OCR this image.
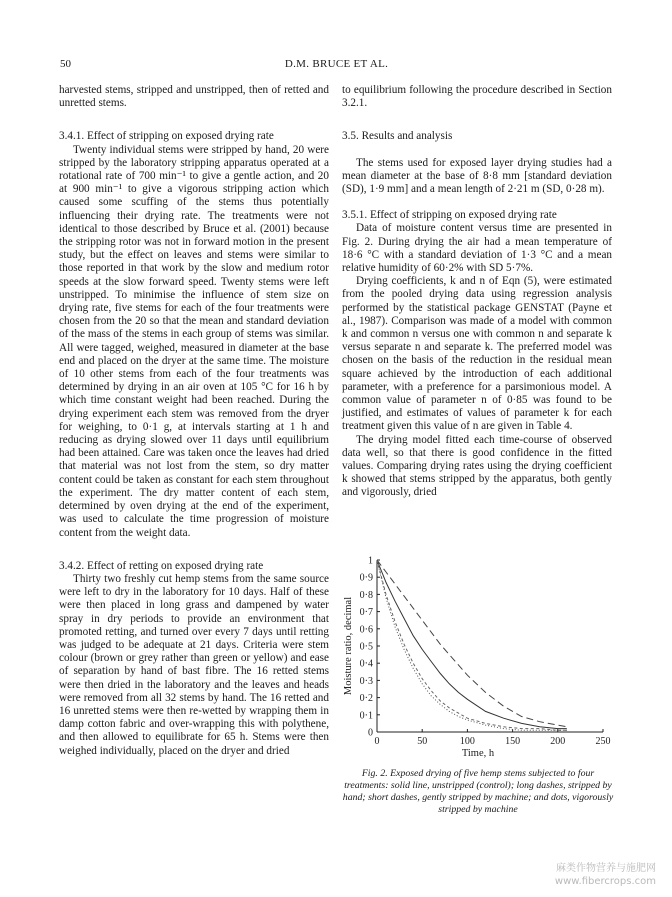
50	D.M. BRUCE ET AL.

harvested stems, stripped and unstripped, then of retted and unretted stems.

3.4.1. Effect of stripping on exposed drying rate

Twenty individual stems were stripped by hand, 20 were stripped by the laboratory stripping apparatus operated at a rotational rate of 700 min⁻¹ to give a gentle action, and 20 at 900 min⁻¹ to give a vigorous stripping action which caused some scuffing of the stems thus potentially influencing their drying rate. The treatments were not identical to those described by Bruce et al. (2001) because the stripping rotor was not in forward motion in the present study, but the effect on leaves and stems were similar to those reported in that work by the slow and medium rotor speeds at the slow forward speed. Twenty stems were left unstripped. To minimise the influence of stem size on drying rate, five stems for each of the four treatments were chosen from the 20 so that the mean and standard deviation of the mass of the stems in each group of stems was similar. All were tagged, weighed, measured in diameter at the base end and placed on the dryer at the same time. The moisture of 10 other stems from each of the four treatments was determined by drying in an air oven at 105 °C for 16 h by which time constant weight had been reached. During the drying experiment each stem was removed from the dryer for weighing, to 0·1 g, at intervals starting at 1 h and reducing as drying slowed over 11 days until equilibrium had been attained. Care was taken once the leaves had dried that material was not lost from the stem, so dry matter content could be taken as constant for each stem throughout the experiment. The dry matter content of each stem, determined by oven drying at the end of the experiment, was used to calculate the time progression of moisture content from the weight data.

3.4.2. Effect of retting on exposed drying rate

Thirty two freshly cut hemp stems from the same source were left to dry in the laboratory for 10 days. Half of these were then placed in long grass and dampened by water spray in dry periods to provide an environment that promoted retting, and turned over every 7 days until retting was judged to be adequate at 21 days. Criteria were stem colour (brown or grey rather than green or yellow) and ease of separation by hand of bast fibre. The 16 retted stems were then dried in the laboratory and the leaves and heads were removed from all 32 stems by hand. The 16 retted and 16 unretted stems were then re-wetted by wrapping them in damp cotton fabric and over-wrapping this with polythene, and then allowed to equilibrate for 65 h. Stems were then weighed individually, placed on the dryer and dried

to equilibrium following the procedure described in Section 3.2.1.

3.5. Results and analysis

The stems used for exposed layer drying studies had a mean diameter at the base of 8·8 mm [standard deviation (SD), 1·9 mm] and a mean length of 2·21 m (SD, 0·28 m).

3.5.1. Effect of stripping on exposed drying rate

Data of moisture content versus time are presented in Fig. 2. During drying the air had a mean temperature of 18·6 °C with a standard deviation of 1·3 °C and a mean relative humidity of 60·2% with SD 5·7%.

Drying coefficients, k and n of Eqn (5), were estimated from the pooled drying data using regression analysis performed by the statistical package GENSTAT (Payne et al., 1987). Comparison was made of a model with common k and common n versus one with common n and separate k versus separate n and separate k. The preferred model was chosen on the basis of the reduction in the residual mean square achieved by the introduction of each additional parameter, with a preference for a parsimonious model. A common value of parameter n of 0·85 was found to be justified, and estimates of values of parameter k for each treatment given this value of n are given in Table 4.

The drying model fitted each time-course of observed data well, so that there is good confidence in the fitted values. Comparing drying rates using the drying coefficient k showed that stems stripped by the apparatus, both gently and vigorously, dried

0	50	100	150	200	250
0
0·1
0·2
0·3
0·4
0·5
0·6
0·7
0·8
0·9
1
Time, h
Moisture ratio, decimal
Fig. 2. Exposed drying of five hemp stems subjected to four treatments: solid line, unstripped (control); long dashes, stripped by hand; short dashes, gently stripped by machine; and dots, vigorously stripped by machine
麻类作物营养与施肥网
www.fibercrops.com
